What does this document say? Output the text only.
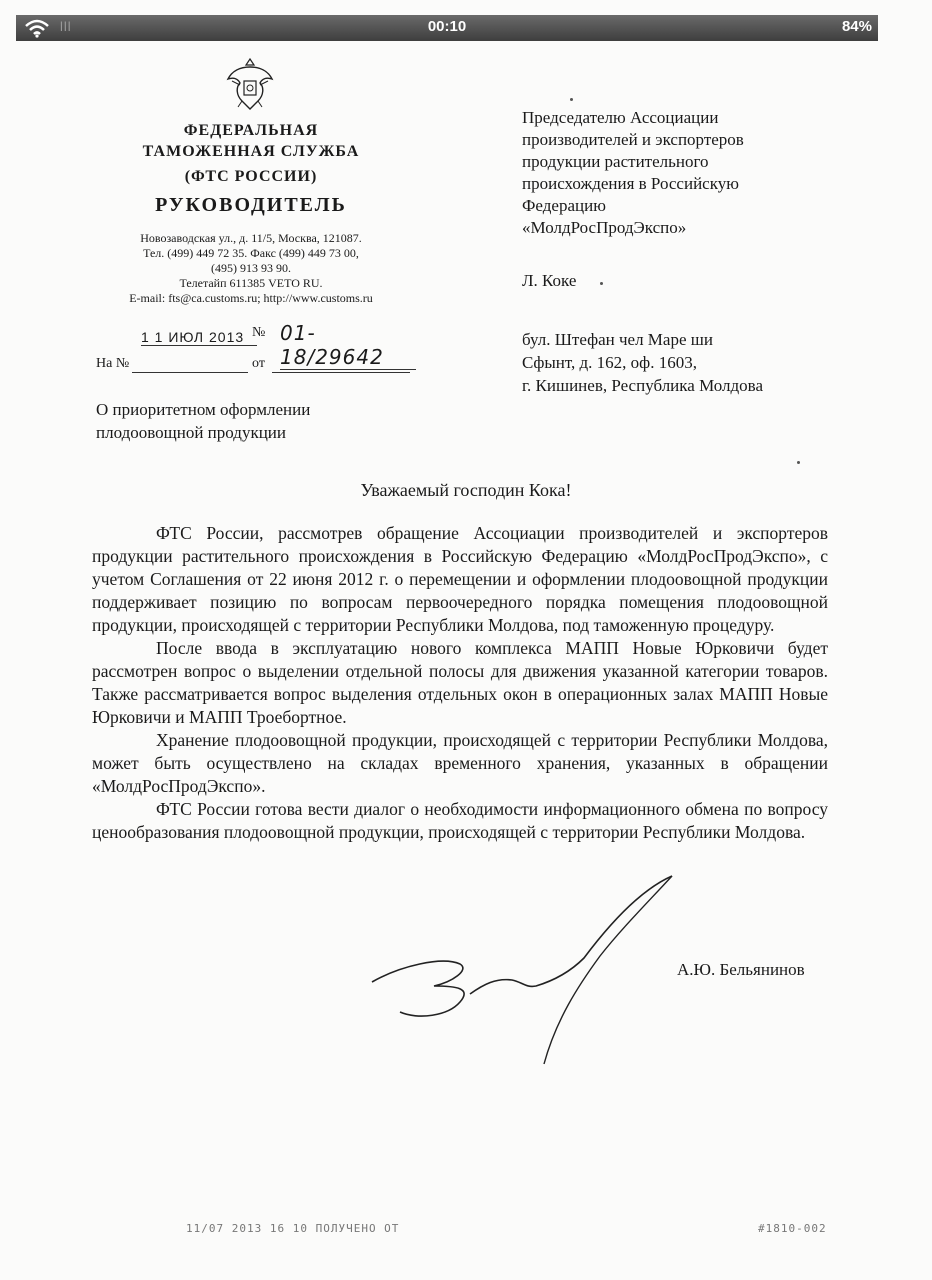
lll	00:10	84%
ФЕДЕРАЛЬНАЯ
ТАМОЖЕННАЯ СЛУЖБА
(ФТС РОССИИ)
РУКОВОДИТЕЛЬ
Новозаводская ул., д. 11/5, Москва, 121087.
Тел. (499) 449 72 35. Факс (499) 449 73 00,
(495) 913 93 90.
Телетайп 611385 VETO RU.
E-mail: fts@ca.customs.ru; http://www.customs.ru
1 1 ИЮЛ 2013 № 01-18/29642
На №	от
О приоритетном оформлении
плодоовощной продукции
Председателю Ассоциации
производителей и экспортеров
продукции растительного
происхождения в Российскую
Федерацию
«МолдРосПродЭкспо»
Л. Коке
бул. Штефан чел Маре ши
Сфынт, д. 162, оф. 1603,
г. Кишинев, Республика Молдова
Уважаемый господин Кока!

ФТС России, рассмотрев обращение Ассоциации производителей и экспортеров продукции растительного происхождения в Российскую Федерацию «МолдРосПродЭкспо», с учетом Соглашения от 22 июня 2012 г. о перемещении и оформлении плодоовощной продукции поддерживает позицию по вопросам первоочередного порядка помещения плодоовощной продукции, происходящей с территории Республики Молдова, под таможенную процедуру.

После ввода в эксплуатацию нового комплекса МАПП Новые Юрковичи будет рассмотрен вопрос о выделении отдельной полосы для движения указанной категории товаров. Также рассматривается вопрос выделения отдельных окон в операционных залах МАПП Новые Юрковичи и МАПП Троебортное.

Хранение плодоовощной продукции, происходящей с территории Республики Молдова, может быть осуществлено на складах временного хранения, указанных в обращении «МолдРосПродЭкспо».

ФТС России готова вести диалог о необходимости информационного обмена по вопросу ценообразования плодоовощной продукции, происходящей с территории Республики Молдова.

А.Ю. Бельянинов
11/07 2013 16 10 ПОЛУЧЕНО ОТ	#1810-002
